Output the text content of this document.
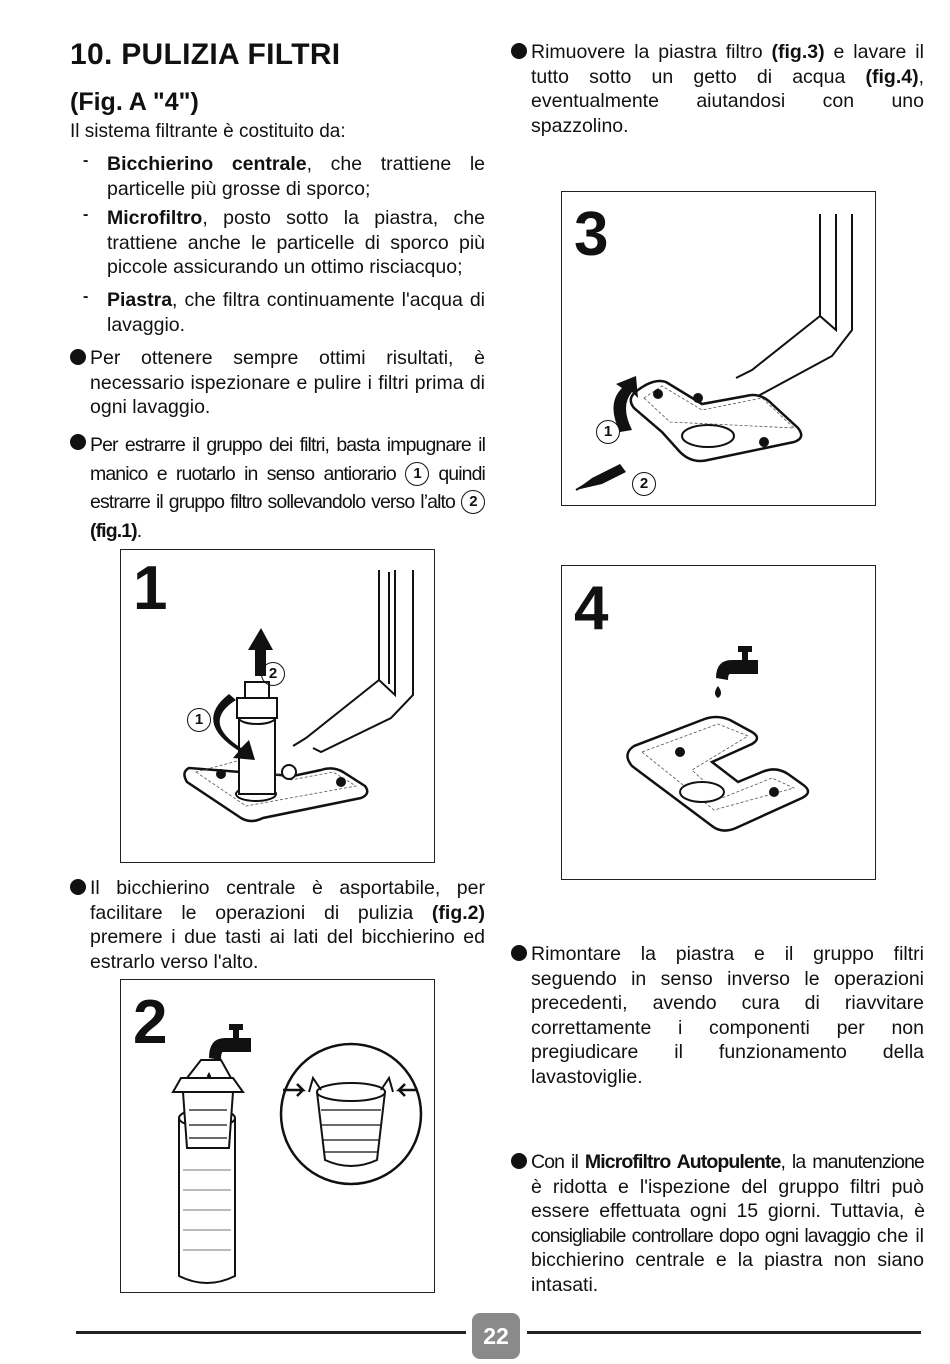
10. PULIZIA FILTRI
(Fig. A "4")
Il sistema filtrante è costituito da:
- Bicchierino centrale, che trattiene le particelle più grosse di sporco;
- Microfiltro, posto sotto la piastra, che trattiene anche le particelle di sporco più piccole assicurando un ottimo risciacquo;
- Piastra, che filtra continuamente l'acqua di lavaggio.
Per ottenere sempre ottimi risultati, è necessario ispezionare e pulire i filtri prima di ogni lavaggio.
Per estrarre il gruppo dei filtri, basta impugnare il manico e ruotarlo in senso antiorario 1 quindi estrarre il gruppo filtro sollevandolo verso l’alto 2 (fig.1).
1
2
1
Il bicchierino centrale è asportabile, per facilitare le operazioni di pulizia (fig.2) premere i due tasti ai lati del bicchierino ed estrarlo verso l'alto.
2
Rimuovere la piastra filtro (fig.3) e lavare il tutto sotto un getto di acqua (fig.4), eventualmente aiutandosi con uno spazzolino.
3
1
2
4
Rimontare la piastra e il gruppo filtri seguendo in senso inverso le operazioni precedenti, avendo cura di riavvitare correttamente i componenti per non pregiudicare il funzionamento della lavastoviglie.
Con il Microfiltro Autopulente, la manutenzione è ridotta e l'ispezione del gruppo filtri può essere effettuata ogni 15 giorni. Tuttavia, è consigliabile controllare dopo ogni lavaggio che il bicchierino centrale e la piastra non siano intasati.
22
